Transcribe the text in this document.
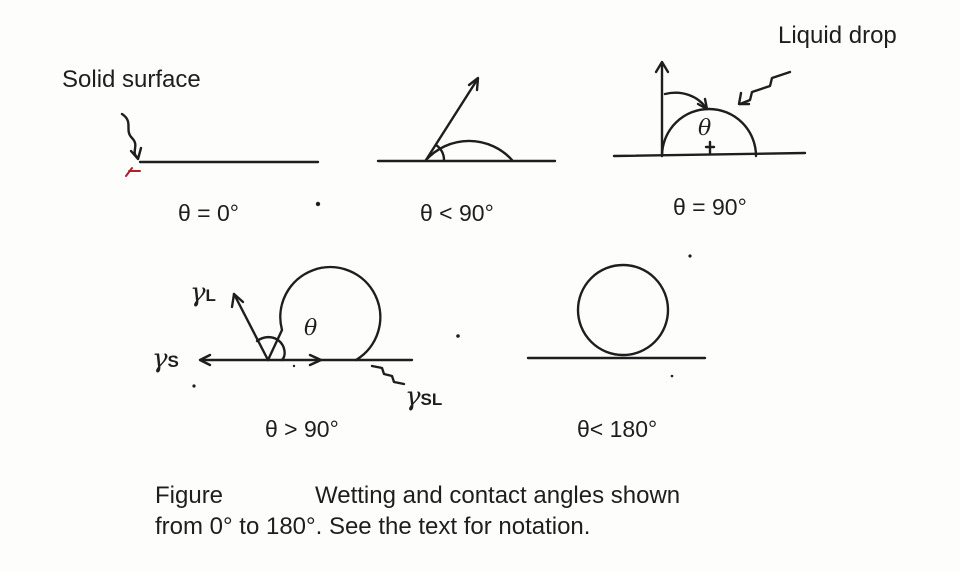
Solid surface
Liquid drop
θ = 0°	θ < 90°	θ = 90°
θ > 90°	θ< 180°
θ
θ
γL
γS
γSL
Figure	Wetting and contact angles shown
from 0° to 180°. See the text for notation.
